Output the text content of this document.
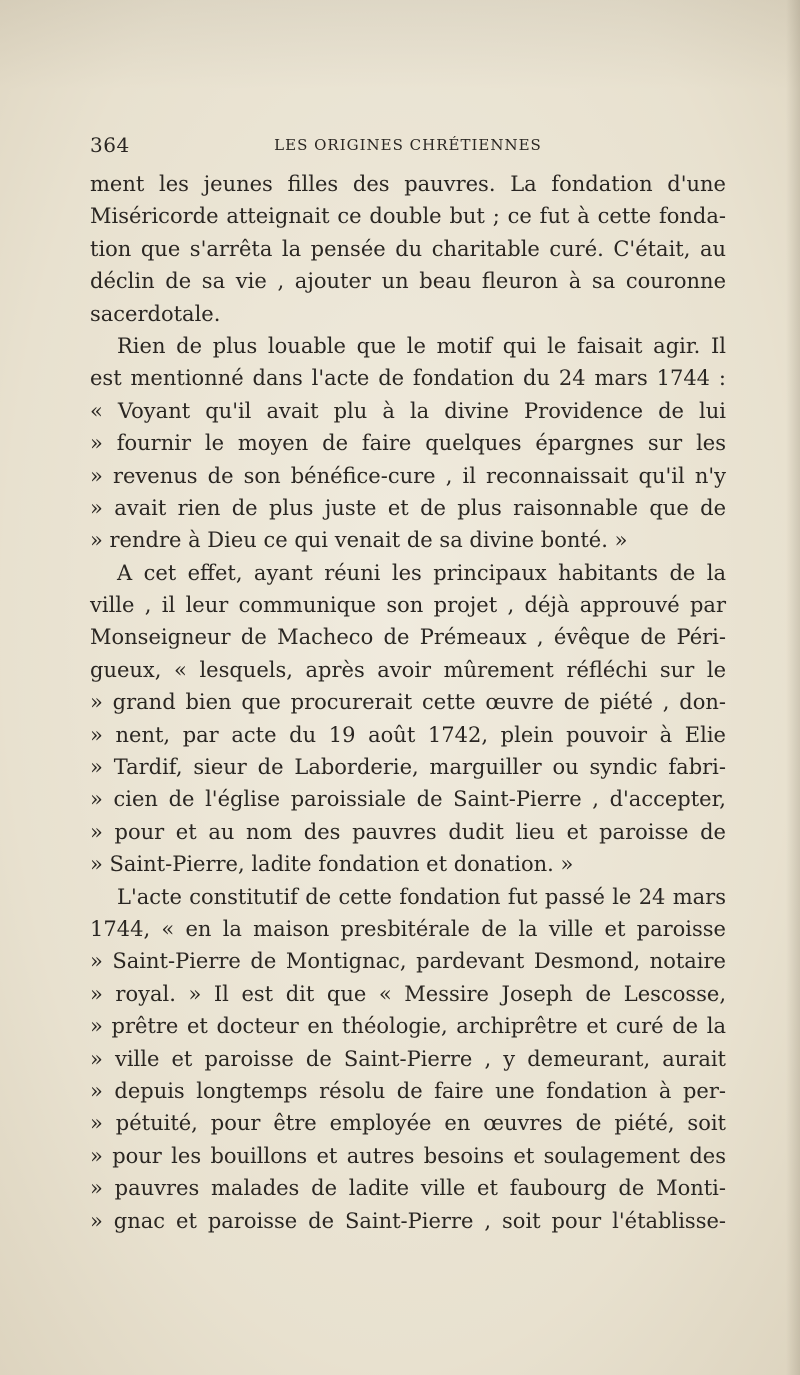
364	LES ORIGINES CHRÉTIENNES
ment les jeunes filles des pauvres. La fondation d'une
Miséricorde atteignait ce double but ; ce fut à cette fonda-
tion que s'arrêta la pensée du charitable curé. C'était, au
déclin de sa vie , ajouter un beau fleuron à sa couronne
sacerdotale.
Rien de plus louable que le motif qui le faisait agir. Il
est mentionné dans l'acte de fondation du 24 mars 1744 :
« Voyant qu'il avait plu à la divine Providence de lui
» fournir le moyen de faire quelques épargnes sur les
» revenus de son bénéfice-cure , il reconnaissait qu'il n'y
» avait rien de plus juste et de plus raisonnable que de
» rendre à Dieu ce qui venait de sa divine bonté. »
A cet effet, ayant réuni les principaux habitants de la
ville , il leur communique son projet , déjà approuvé par
Monseigneur de Machecо de Prémeaux , évêque de Péri-
gueux, « lesquels, après avoir mûrement réfléchi sur le
» grand bien que procurerait cette œuvre de piété , don-
» nent, par acte du 19 août 1742, plein pouvoir à Elie
» Tardif, sieur de Laborderie, marguiller ou syndic fabri-
» cien de l'église paroissiale de Saint-Pierre , d'accepter,
» pour et au nom des pauvres dudit lieu et paroisse de
» Saint-Pierre, ladite fondation et donation. »
L'acte constitutif de cette fondation fut passé le 24 mars
1744, « en la maison presbitérale de la ville et paroisse
» Saint-Pierre de Montignac, pardevant Desmond, notaire
» royal. » Il est dit que « Messire Joseph de Lescosse,
» prêtre et docteur en théologie, archiprêtre et curé de la
» ville et paroisse de Saint-Pierre , y demeurant, aurait
» depuis longtemps résolu de faire une fondation à per-
» pétuité, pour être employée en œuvres de piété, soit
» pour les bouillons et autres besoins et soulagement des
» pauvres malades de ladite ville et faubourg de Monti-
» gnac et paroisse de Saint-Pierre , soit pour l'établisse-
